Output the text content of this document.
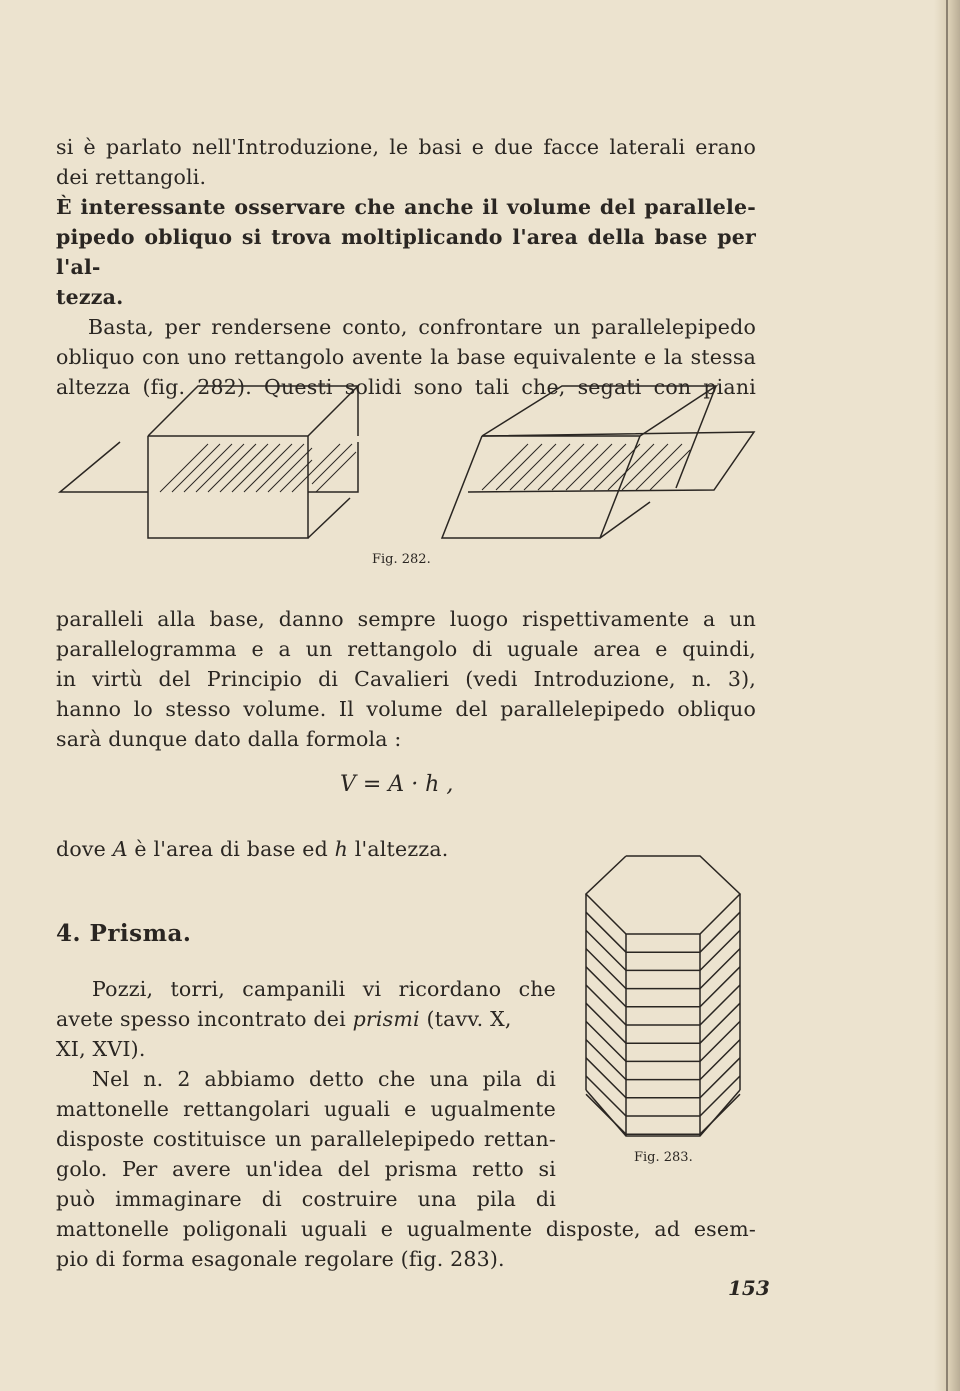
si è parlato nell'Introduzione, le basi e due facce laterali erano
dei rettangoli.
È interessante osservare che anche il volume del parallele-
pipedo obliquo si trova moltiplicando l'area della base per l'al-
tezza.
Basta, per rendersene conto, confrontare un parallelepipedo
obliquo con uno rettangolo avente la base equivalente e la stessa
altezza (fig. 282). Questi solidi sono tali che, segati con piani
Fig. 282.
paralleli alla base, danno sempre luogo rispettivamente a un
parallelogramma e a un rettangolo di uguale area e quindi,
in virtù del Principio di Cavalieri (vedi Introduzione, n. 3),
hanno lo stesso volume. Il volume del parallelepipedo obliquo
sarà dunque dato dalla formola :
V = A · h ,
dove A è l'area di base ed h l'altezza.
4. Prisma.
Pozzi, torri, campanili vi ricordano che
avete spesso incontrato dei prismi (tavv. X,
XI, XVI).
Nel n. 2 abbiamo detto che una pila di
mattonelle rettangolari uguali e ugualmente
disposte costituisce un parallelepipedo rettan-
golo. Per avere un'idea del prisma retto si
può immaginare di costruire una pila di
mattonelle poligonali uguali e ugualmente disposte, ad esem-
pio di forma esagonale regolare (fig. 283).
Fig. 283.
153
